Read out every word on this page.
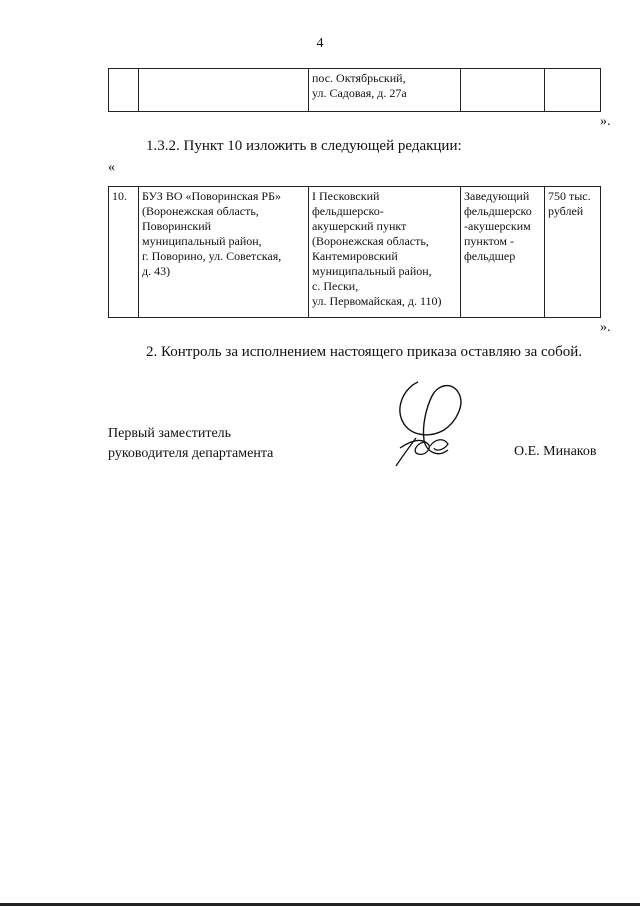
4
		пос. Октябрьский,
ул. Садовая, д. 27а		
».
1.3.2. Пункт 10 изложить в следующей редакции:
«
10.	БУЗ ВО «Поворинская РБ»
(Воронежская область,
Поворинский
муниципальный район,
г. Поворино, ул. Советская,
д. 43)	I Песковский
фельдшерско-
акушерский пункт
(Воронежская область,
Кантемировский
муниципальный район,
с. Пески,
ул. Первомайская, д. 110)	Заведующий
фельдшерско
-акушерским
пунктом -
фельдшер	750 тыс.
рублей
».
2. Контроль за исполнением настоящего приказа оставляю за собой.
Первый заместитель
руководителя департамента	О.Е. Минаков
